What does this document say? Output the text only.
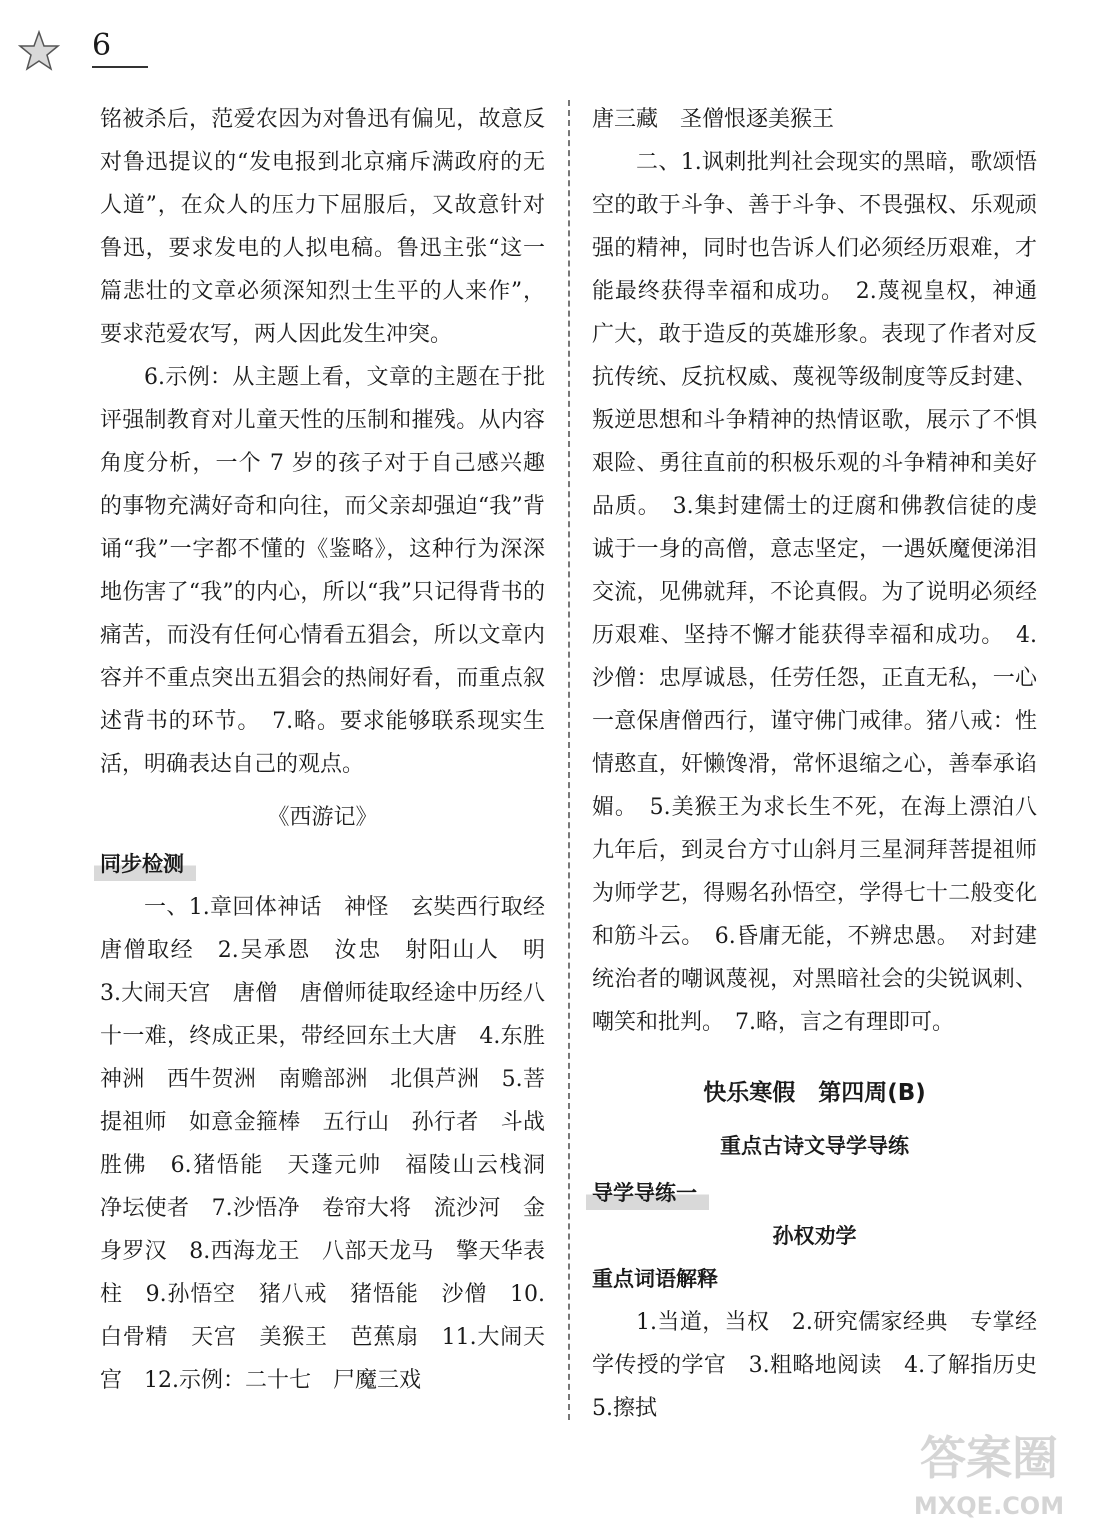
6

铭被杀后，范爱农因为对鲁迅有偏见，故意反对鲁迅提议的“发电报到北京痛斥满政府的无人道”，在众人的压力下屈服后，又故意针对鲁迅，要求发电的人拟电稿。鲁迅主张“这一篇悲壮的文章必须深知烈士生平的人来作”，要求范爱农写，两人因此发生冲突。

6.示例：从主题上看，文章的主题在于批评强制教育对儿童天性的压制和摧残。从内容角度分析，一个 7 岁的孩子对于自己感兴趣的事物充满好奇和向往，而父亲却强迫“我”背诵“我”一字都不懂的《鉴略》，这种行为深深地伤害了“我”的内心，所以“我”只记得背书的痛苦，而没有任何心情看五猖会，所以文章内容并不重点突出五猖会的热闹好看，而重点叙述背书的环节。　7.略。要求能够联系现实生活，明确表达自己的观点。

《西游记》

同步检测

一、1.章回体神话　神怪　玄奘西行取经　唐僧取经　2.吴承恩　汝忠　射阳山人　明　3.大闹天宫　唐僧　唐僧师徒取经途中历经八十一难，终成正果，带经回东土大唐　4.东胜神洲　西牛贺洲　南赡部洲　北俱芦洲　5.菩提祖师　如意金箍棒　五行山　孙行者　斗战胜佛　6.猪悟能　天蓬元帅　福陵山云栈洞　净坛使者　7.沙悟净　卷帘大将　流沙河　金身罗汉　8.西海龙王　八部天龙马　擎天华表柱　9.孙悟空　猪八戒　猪悟能　沙僧　10.白骨精　天宫　美猴王　芭蕉扇　11.大闹天宫　12.示例：二十七　尸魔三戏

唐三藏　圣僧恨逐美猴王

二、1.讽刺批判社会现实的黑暗，歌颂悟空的敢于斗争、善于斗争、不畏强权、乐观顽强的精神，同时也告诉人们必须经历艰难，才能最终获得幸福和成功。　2.蔑视皇权，神通广大，敢于造反的英雄形象。表现了作者对反抗传统、反抗权威、蔑视等级制度等反封建、叛逆思想和斗争精神的热情讴歌，展示了不惧艰险、勇往直前的积极乐观的斗争精神和美好品质。　3.集封建儒士的迂腐和佛教信徒的虔诚于一身的高僧，意志坚定，一遇妖魔便涕泪交流，见佛就拜，不论真假。为了说明必须经历艰难、坚持不懈才能获得幸福和成功。　4.沙僧：忠厚诚恳，任劳任怨，正直无私，一心一意保唐僧西行，谨守佛门戒律。猪八戒：性情憨直，奸懒馋滑，常怀退缩之心，善奉承谄媚。　5.美猴王为求长生不死，在海上漂泊八九年后，到灵台方寸山斜月三星洞拜菩提祖师为师学艺，得赐名孙悟空，学得七十二般变化和筋斗云。　6.昏庸无能，不辨忠愚。　对封建统治者的嘲讽蔑视，对黑暗社会的尖锐讽刺、嘲笑和批判。　7.略，言之有理即可。

快乐寒假　第四周(B)

重点古诗文导学导练

导学导练一

孙权劝学

重点词语解释

1.当道，当权　2.研究儒家经典　专掌经学传授的学官　3.粗略地阅读　4.了解指历史　5.擦拭

答案圈
MXQE.COM
